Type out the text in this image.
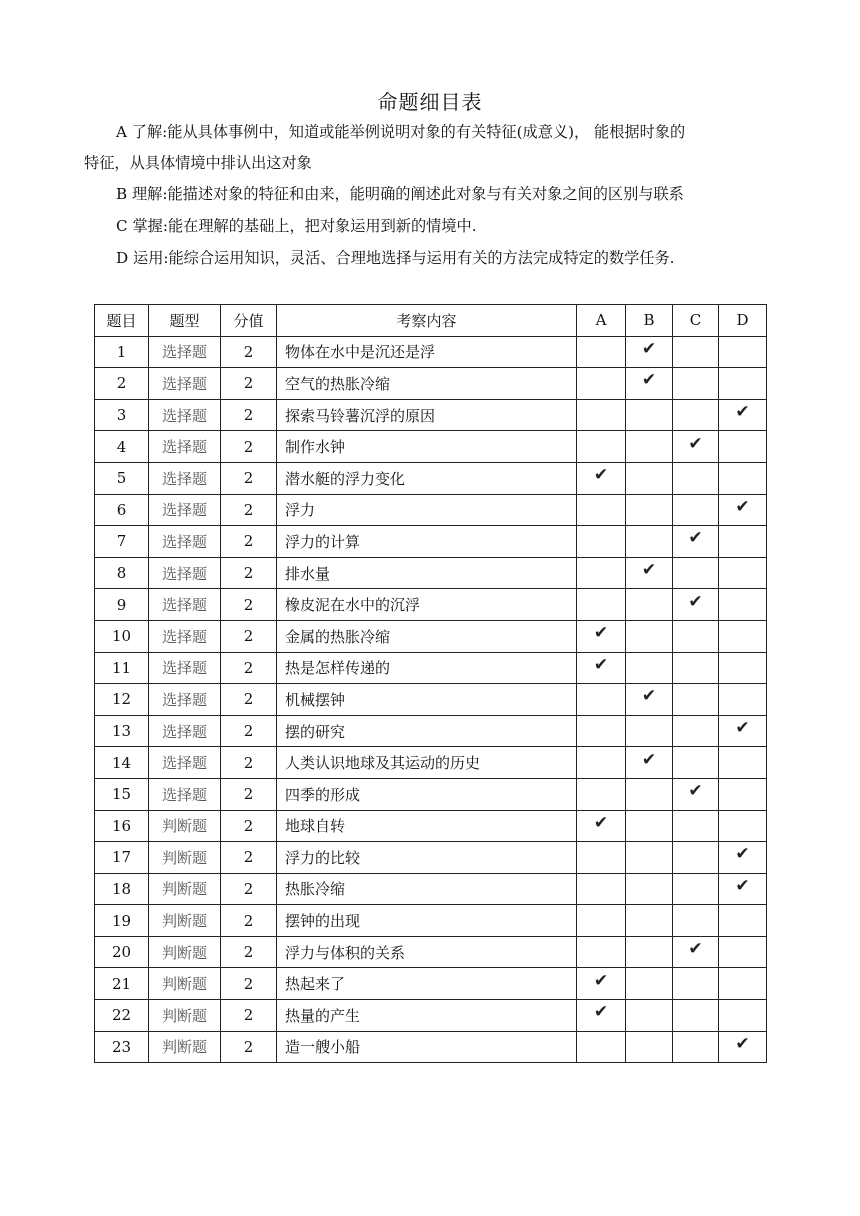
命题细目表
A 了解:能从具体事例中，知道或能举例说明对象的有关特征(成意义)， 能根据时象的
特征，从具体情境中排认出这对象
B 理解:能描述对象的特征和由来，能明确的阐述此对象与有关对象之间的区别与联系
C 掌握:能在理解的基础上，把对象运用到新的情境中.
D 运用:能综合运用知识，灵活、合理地选择与运用有关的方法完成特定的数学任务.
题目	题型	分值	考察内容	A	B	C	D
1	选择题	2	物体在水中是沉还是浮		✔		
2	选择题	2	空气的热胀冷缩		✔		
3	选择题	2	探索马铃薯沉浮的原因				✔
4	选择题	2	制作水钟			✔	
5	选择题	2	潜水艇的浮力变化	✔			
6	选择题	2	浮力				✔
7	选择题	2	浮力的计算			✔	
8	选择题	2	排水量		✔		
9	选择题	2	橡皮泥在水中的沉浮			✔	
10	选择题	2	金属的热胀冷缩	✔			
11	选择题	2	热是怎样传递的	✔			
12	选择题	2	机械摆钟		✔		
13	选择题	2	摆的研究				✔
14	选择题	2	人类认识地球及其运动的历史		✔		
15	选择题	2	四季的形成			✔	
16	判断题	2	地球自转	✔			
17	判断题	2	浮力的比较				✔
18	判断题	2	热胀冷缩				✔
19	判断题	2	摆钟的出现				
20	判断题	2	浮力与体积的关系			✔	
21	判断题	2	热起来了	✔			
22	判断题	2	热量的产生	✔			
23	判断题	2	造一艘小船				✔
